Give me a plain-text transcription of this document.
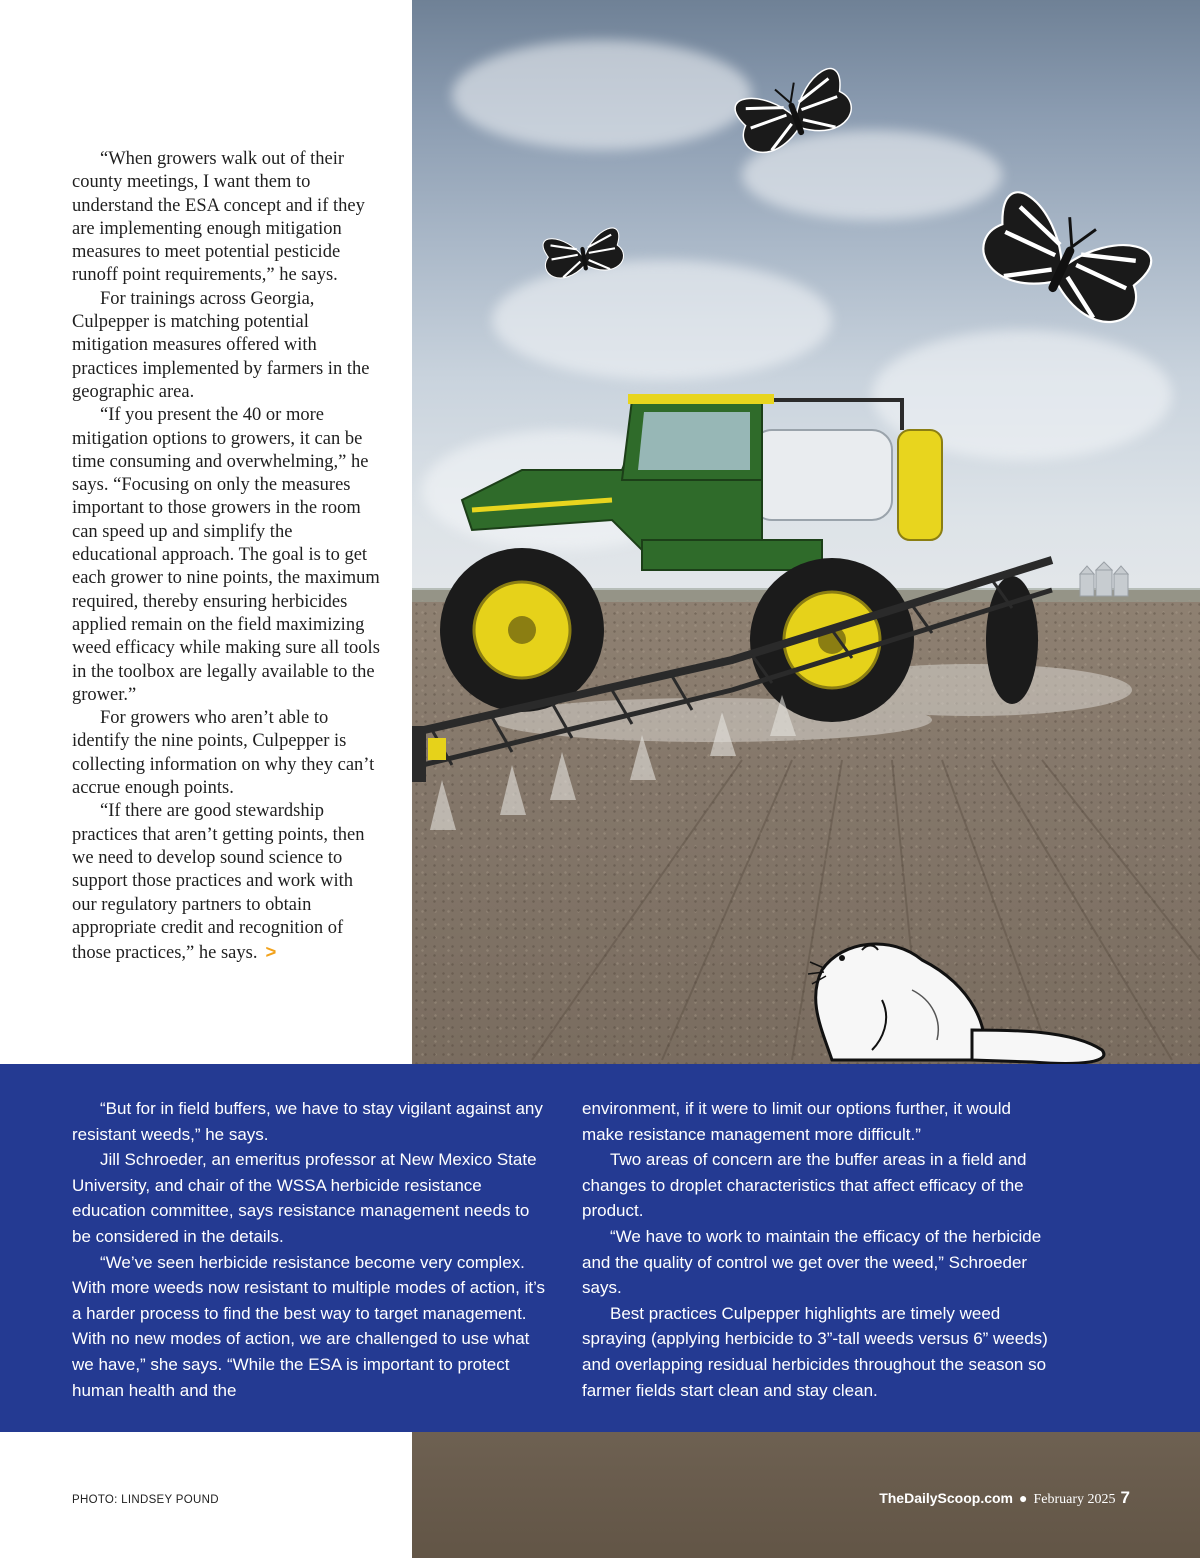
“When growers walk out of their county meetings, I want them to understand the ESA concept and if they are implementing enough mitigation measures to meet potential pesticide runoff point requirements,” he says.

For trainings across Georgia, Culpepper is matching potential mitigation measures offered with practices implemented by farmers in the geographic area.

“If you present the 40 or more mitigation options to growers, it can be time consuming and overwhelming,” he says. “Focusing on only the measures important to those growers in the room can speed up and simplify the educational approach. The goal is to get each grower to nine points, the maximum required, thereby ensuring herbicides applied remain on the field maximizing weed efficacy while making sure all tools in the toolbox are legally available to the grower.”

For growers who aren’t able to identify the nine points, Culpepper is collecting information on why they can’t accrue enough points.

“If there are good stewardship practices that aren’t getting points, then we need to develop sound science to support those practices and work with our regulatory partners to obtain appropriate credit and recognition of those practices,” he says. >

“But for in field buffers, we have to stay vigilant against any resistant weeds,” he says.

Jill Schroeder, an emeritus professor at New Mexico State University, and chair of the WSSA herbicide resistance education committee, says resistance management needs to be considered in the details.

“We’ve seen herbicide resistance become very complex. With more weeds now resistant to multiple modes of action, it’s a harder process to find the best way to target management. With no new modes of action, we are challenged to use what we have,” she says. “While the ESA is important to protect human health and the

environment, if it were to limit our options further, it would make resistance management more difficult.”

Two areas of concern are the buffer areas in a field and changes to droplet characteristics that affect efficacy of the product.

“We have to work to maintain the efficacy of the herbicide and the quality of control we get over the weed,” Schroeder says.

Best practices Culpepper highlights are timely weed spraying (applying herbicide to 3”-tall weeds versus 6” weeds) and overlapping residual herbicides throughout the season so farmer fields start clean and stay clean.

PHOTO: LINDSEY POUND	TheDailyScoop.com ● February 2025 7
